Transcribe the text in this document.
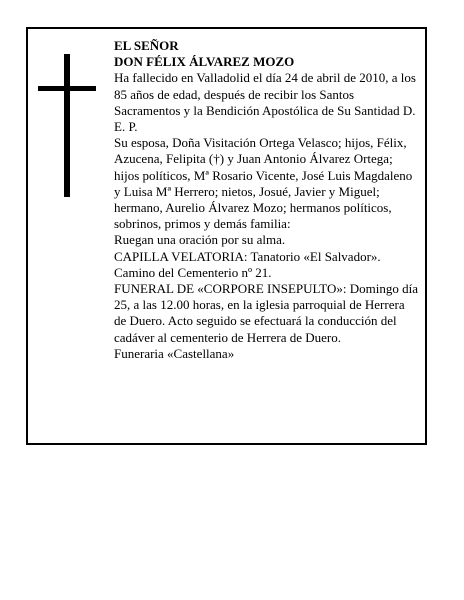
EL SEÑOR

DON FÉLIX ÁLVAREZ MOZO

Ha fallecido en Valladolid el día 24 de abril de 2010, a los 85 años de edad, después de recibir los Santos Sacramentos y la Bendición Apostólica de Su Santidad D. E. P.

Su esposa, Doña Visitación Ortega Velasco; hijos, Félix, Azucena, Felipita (†) y Juan Antonio Álvarez Ortega; hijos políticos, Mª Rosario Vicente, José Luis Magdaleno y Luisa Mª Herrero; nietos, Josué, Javier y Miguel; hermano, Aurelio Álvarez Mozo; hermanos políticos, sobrinos, primos y demás familia:

Ruegan una oración por su alma.

CAPILLA VELATORIA: Tanatorio «El Salvador». Camino del Cementerio nº 21.

FUNERAL DE «CORPORE INSEPULTO»: Domingo día 25, a las 12.00 horas, en la iglesia parroquial de Herrera de Duero. Acto seguido se efectuará la conducción del cadáver al cementerio de Herrera de Duero.

Funeraria «Castellana»
